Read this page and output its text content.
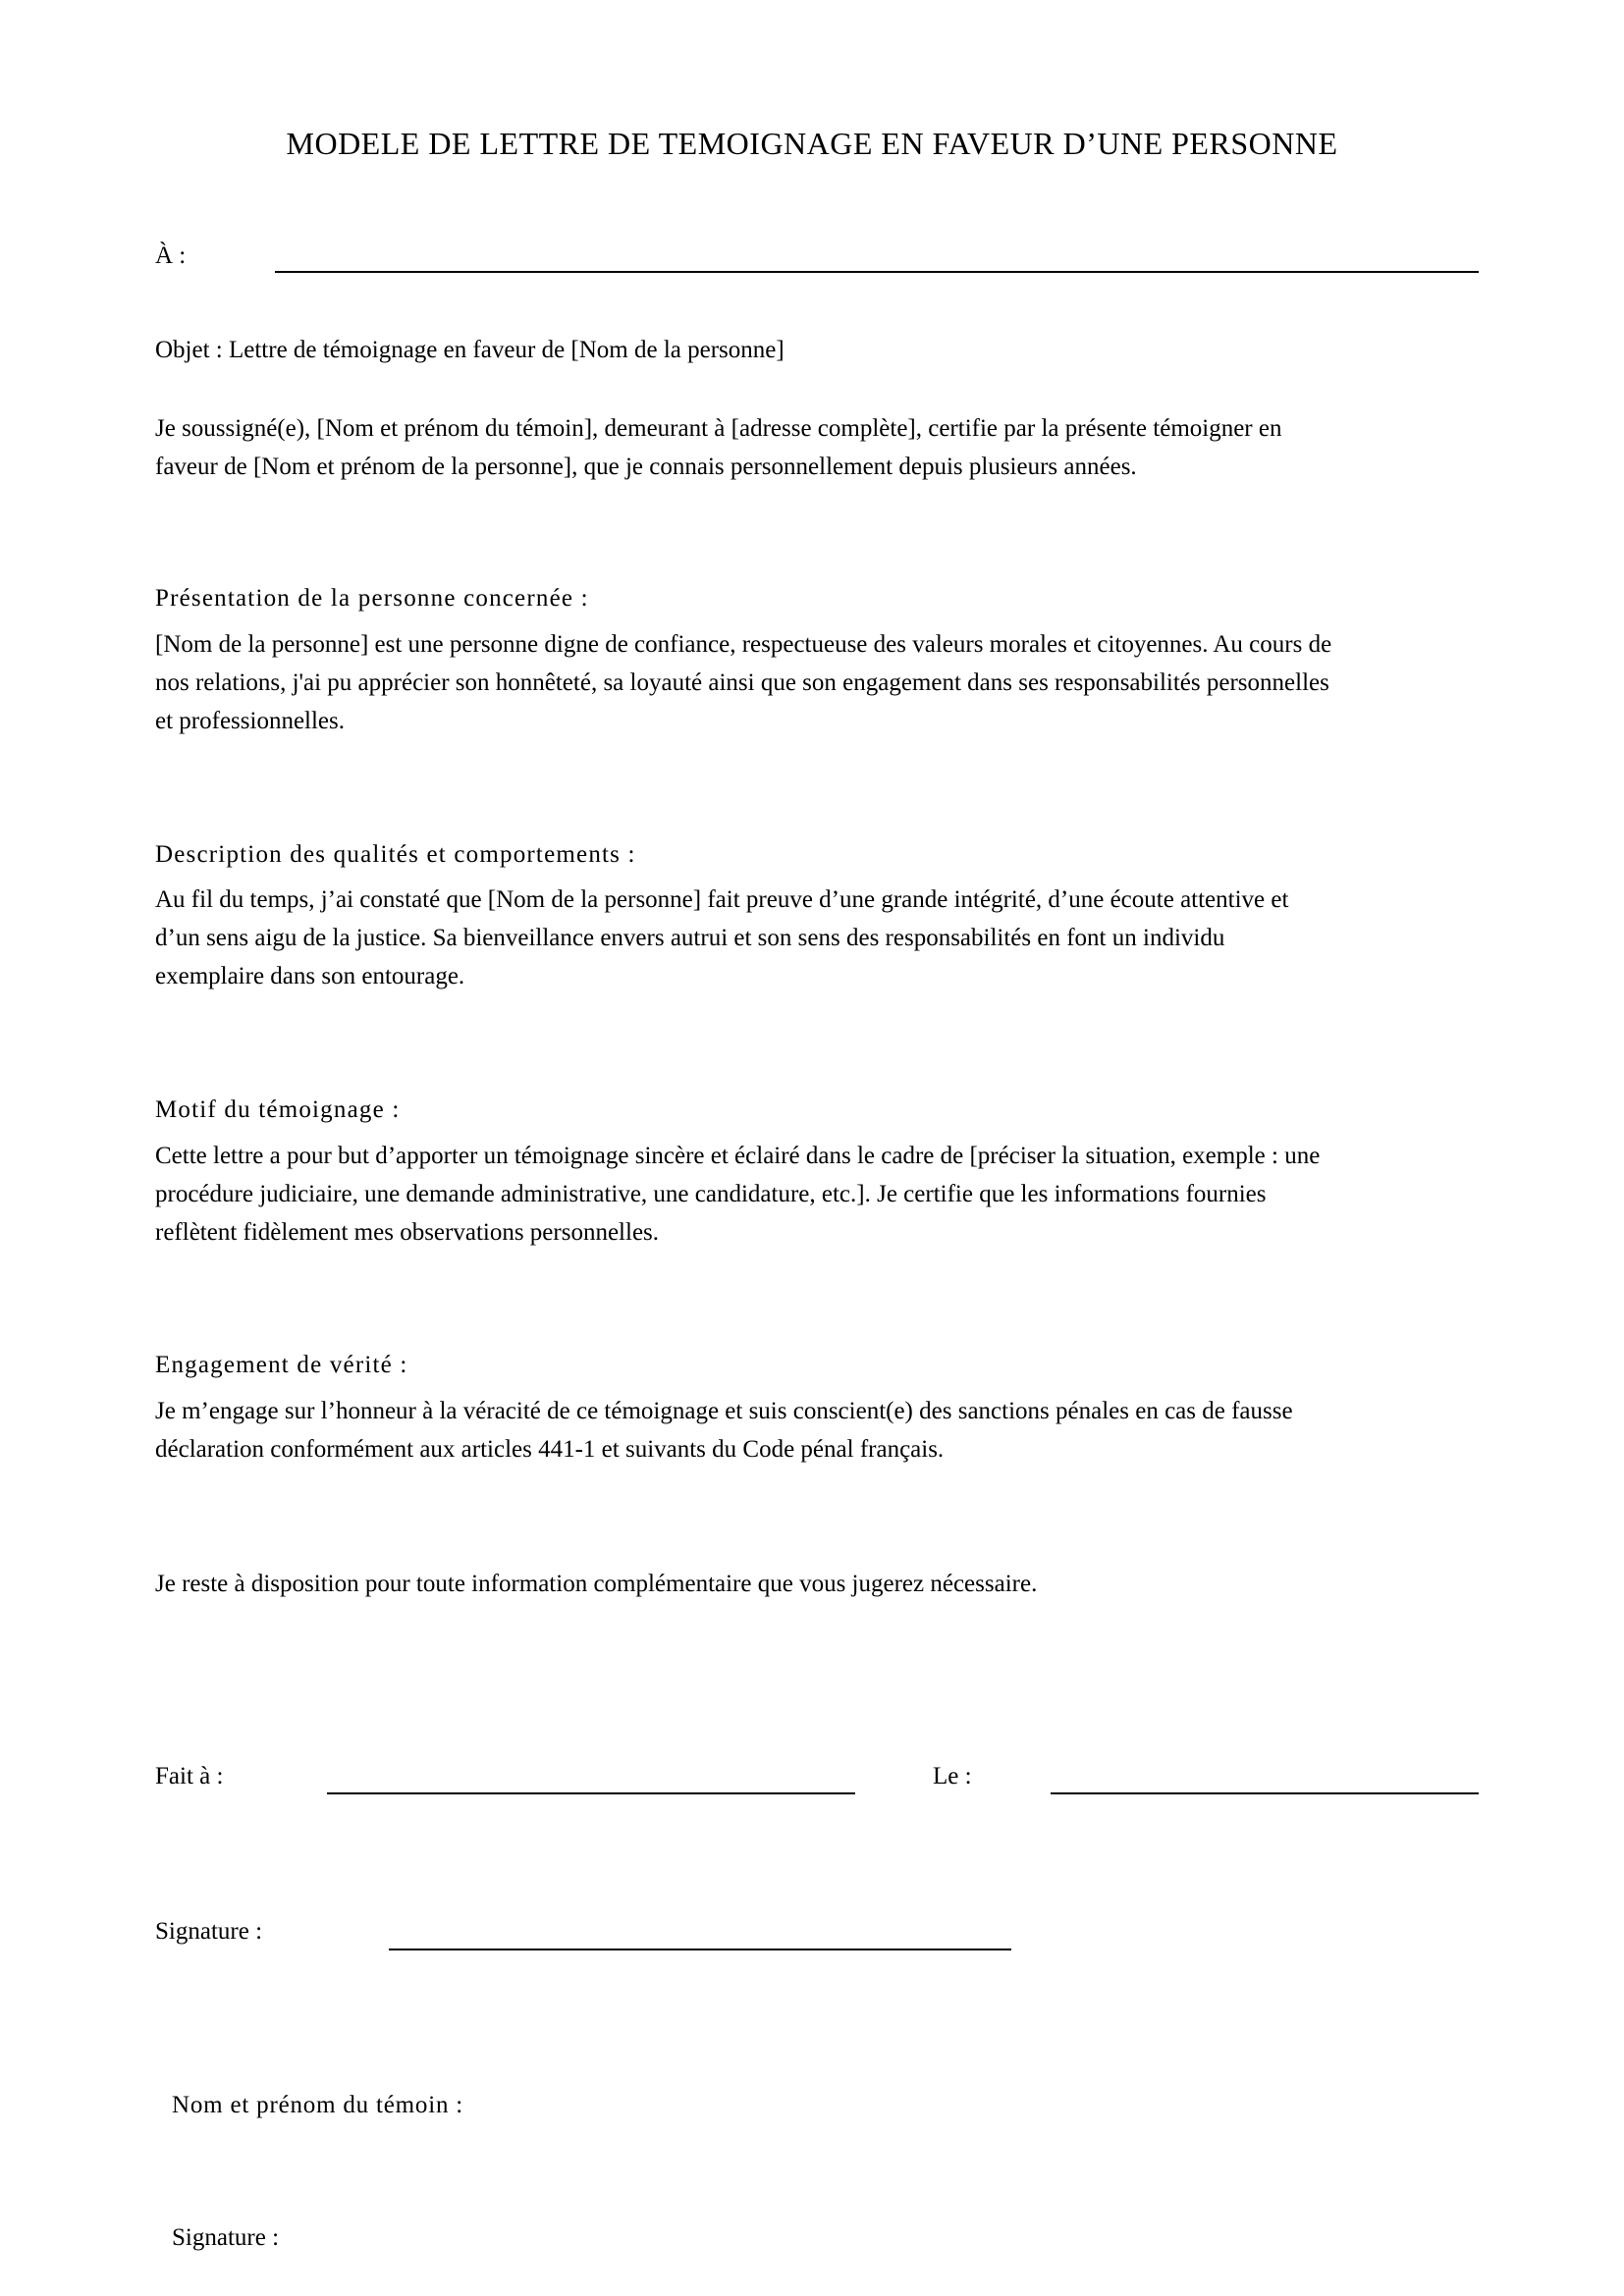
MODELE DE LETTRE DE TEMOIGNAGE EN FAVEUR D’UNE PERSONNE
À :
Objet : Lettre de témoignage en faveur de [Nom de la personne]
Je soussigné(e), [Nom et prénom du témoin], demeurant à [adresse complète], certifie par la présente témoigner en
faveur de [Nom et prénom de la personne], que je connais personnellement depuis plusieurs années.
Présentation de la personne concernée :
[Nom de la personne] est une personne digne de confiance, respectueuse des valeurs morales et citoyennes. Au cours de
nos relations, j'ai pu apprécier son honnêteté, sa loyauté ainsi que son engagement dans ses responsabilités personnelles
et professionnelles.
Description des qualités et comportements :
Au fil du temps, j’ai constaté que [Nom de la personne] fait preuve d’une grande intégrité, d’une écoute attentive et
d’un sens aigu de la justice. Sa bienveillance envers autrui et son sens des responsabilités en font un individu
exemplaire dans son entourage.
Motif du témoignage :
Cette lettre a pour but d’apporter un témoignage sincère et éclairé dans le cadre de [préciser la situation, exemple : une
procédure judiciaire, une demande administrative, une candidature, etc.]. Je certifie que les informations fournies
reflètent fidèlement mes observations personnelles.
Engagement de vérité :
Je m’engage sur l’honneur à la véracité de ce témoignage et suis conscient(e) des sanctions pénales en cas de fausse
déclaration conformément aux articles 441-1 et suivants du Code pénal français.
Je reste à disposition pour toute information complémentaire que vous jugerez nécessaire.
Fait à :	Le :
Signature :
Nom et prénom du témoin :
Signature :
